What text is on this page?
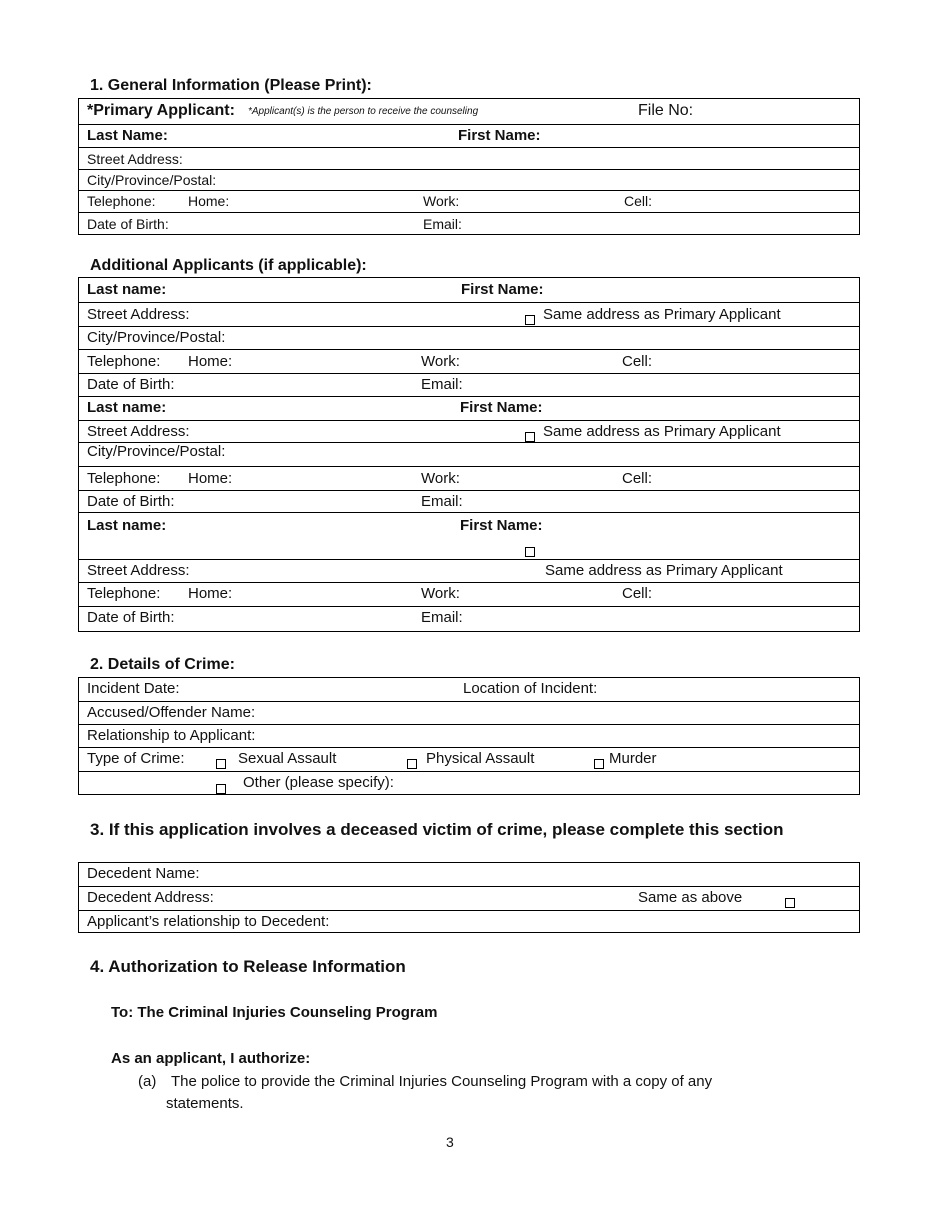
1. General Information (Please Print):
*Primary Applicant: *Applicant(s) is the person to receive the counseling	File No:
Last Name:	First Name:
Street Address:
City/Province/Postal:
Telephone: Home:	Work:	Cell:
Date of Birth:	Email:
Additional Applicants (if applicable):
Last name:	First Name:
Street Address:	Same address as Primary Applicant
City/Province/Postal:
Telephone: Home:	Work:	Cell:
Date of Birth:	Email:
Last name:	First Name:
Street Address:	Same address as Primary Applicant
City/Province/Postal:
Telephone: Home:	Work:	Cell:
Date of Birth:	Email:
Last name:	First Name:
Street Address:	Same address as Primary Applicant
Telephone: Home:	Work:	Cell:
Date of Birth:	Email:
2. Details of Crime:
Incident Date:	Location of Incident:
Accused/Offender Name:
Relationship to Applicant:
Type of Crime:	Sexual Assault	Physical Assault	Murder
Other (please specify):
3. If this application involves a deceased victim of crime, please complete this section
Decedent Name:
Decedent Address:	Same as above
Applicant’s relationship to Decedent:
4. Authorization to Release Information
To: The Criminal Injuries Counseling Program
As an applicant, I authorize:
(a) The police to provide the Criminal Injuries Counseling Program with a copy of any
statements.
3
